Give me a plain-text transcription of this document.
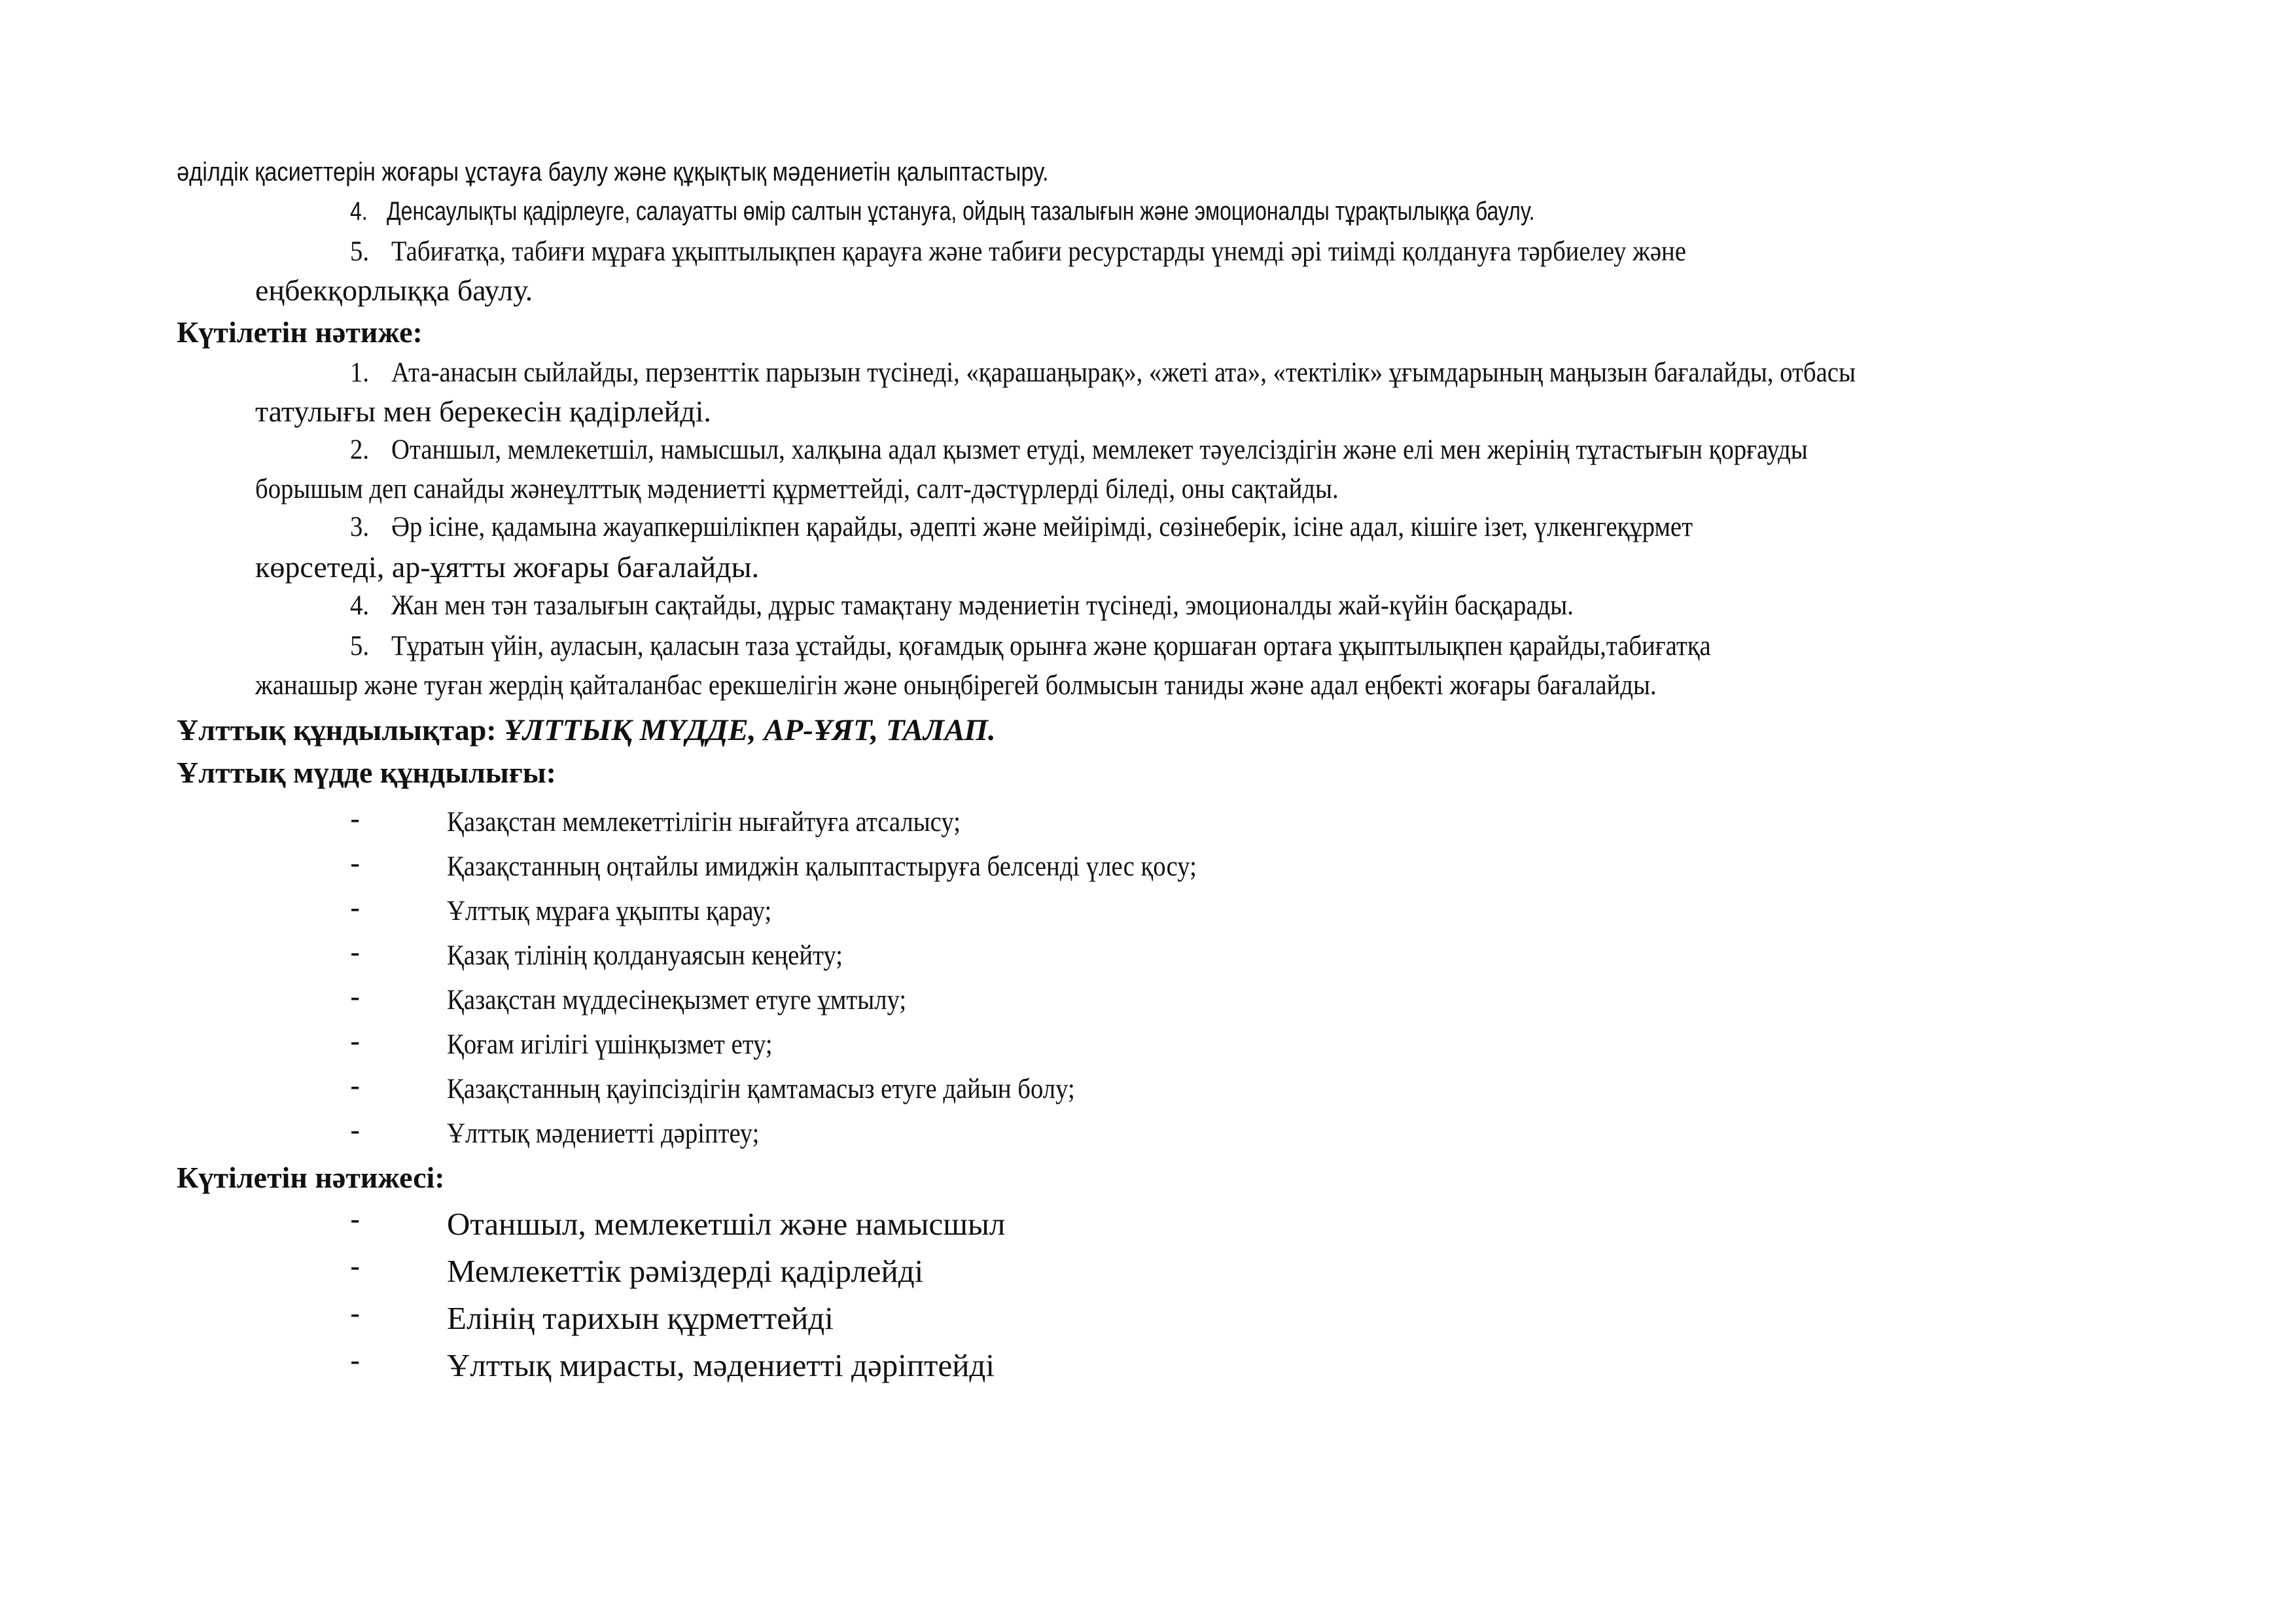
әділдік қасиеттерін жоғары ұстауға баулу және құқықтық мәдениетін қалыптастыру.
4. Денсаулықты қадірлеуге, салауатты өмір салтын ұстануға, ойдың тазалығын және эмоционалды тұрақтылыққа баулу.
5. Табиғатқа, табиғи мұраға ұқыптылықпен қарауға және табиғи ресурстарды үнемді әрі тиімді қолдануға тәрбиелеу және
еңбекқорлыққа баулу.
Күтілетін нәтиже:
1. Ата-анасын сыйлайды, перзенттік парызын түсінеді, «қарашаңырақ», «жеті ата», «тектілік» ұғымдарының маңызын бағалайды, отбасы
татулығы мен берекесін қадірлейді.
2. Отаншыл, мемлекетшіл, намысшыл, халқына адал қызмет етуді, мемлекет тәуелсіздігін және елі мен жерінің тұтастығын қорғауды
борышым деп санайды жәнеұлттық мәдениетті құрметтейді, салт-дәстүрлерді біледі, оны сақтайды.
3. Әр ісіне, қадамына жауапкершілікпен қарайды, әдепті және мейірімді, сөзінеберік, ісіне адал, кішіге ізет, үлкенгеқұрмет
көрсетеді, ар-ұятты жоғары бағалайды.
4. Жан мен тән тазалығын сақтайды, дұрыс тамақтану мәдениетін түсінеді, эмоционалды жай-күйін басқарады.
5. Тұратын үйін, ауласын, қаласын таза ұстайды, қоғамдық орынға және қоршаған ортаға ұқыптылықпен қарайды,табиғатқа
жанашыр және туған жердің қайталанбас ерекшелігін және оныңбірегей болмысын таниды және адал еңбекті жоғары бағалайды.
Ұлттық құндылықтар: ҰЛТТЫҚ МҮДДЕ, АР-ҰЯТ, ТАЛАП.
Ұлттық мүдде құндылығы:
-	Қазақстан мемлекеттілігін нығайтуға атсалысу;
-	Қазақстанның оңтайлы имиджін қалыптастыруға белсенді үлес қосу;
-	Ұлттық мұраға ұқыпты қарау;
-	Қазақ тілінің қолдануаясын кеңейту;
-	Қазақстан мүддесінеқызмет етуге ұмтылу;
-	Қоғам игілігі үшінқызмет ету;
-	Қазақстанның қауіпсіздігін қамтамасыз етуге дайын болу;
-	Ұлттық мәдениетті дәріптеу;
Күтілетін нәтижесі:
-	Отаншыл, мемлекетшіл және намысшыл
-	Мемлекеттік рәміздерді қадірлейді
-	Елінің тарихын құрметтейді
-	Ұлттық мирасты, мәдениетті дәріптейді
